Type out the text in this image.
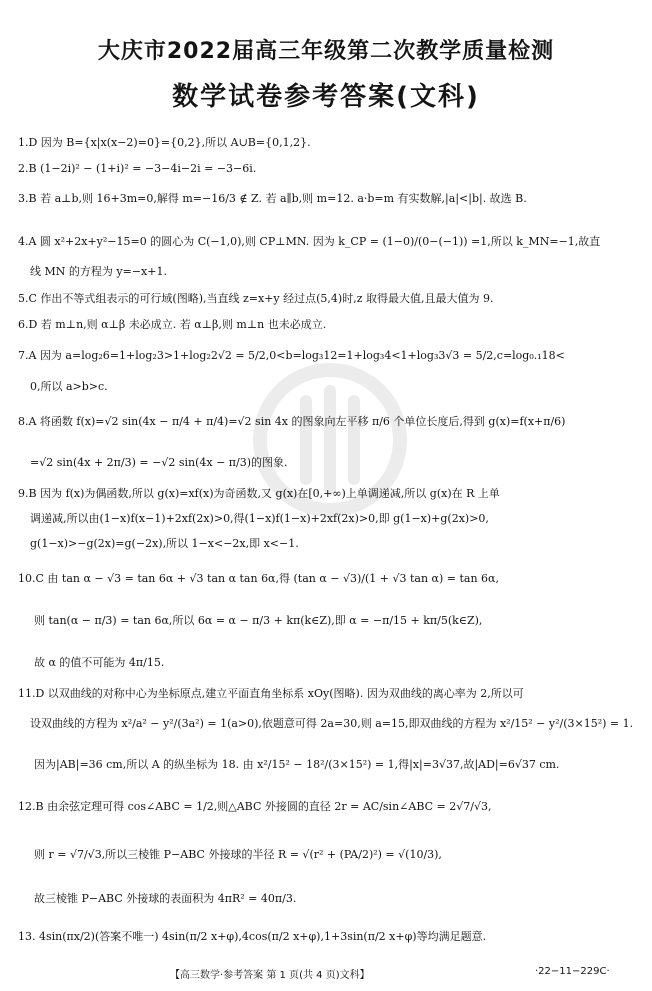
大庆市2022届高三年级第二次教学质量检测
数学试卷参考答案(文科)
1.D 因为 B={x|x(x−2)=0}={0,2},所以 A∪B={0,1,2}.
2.B (1−2i)² − (1+i)² = −3−4i−2i = −3−6i.
3.B 若 a⊥b,则 16+3m=0,解得 m=−16/3 ∉ Z. 若 a∥b,则 m=12. a·b=m 有实数解,|a|<|b|. 故选 B.
4.A 圆 x²+2x+y²−15=0 的圆心为 C(−1,0),则 CP⊥MN. 因为 k_CP = (1−0)/(0−(−1)) =1,所以 k_MN=−1,故直
线 MN 的方程为 y=−x+1.
5.C 作出不等式组表示的可行域(图略),当直线 z=x+y 经过点(5,4)时,z 取得最大值,且最大值为 9.
6.D 若 m⊥n,则 α⊥β 未必成立. 若 α⊥β,则 m⊥n 也未必成立.
7.A 因为 a=log₂6=1+log₂3>1+log₂2√2 = 5/2,0<b=log₃12=1+log₃4<1+log₃3√3 = 5/2,c=log₀.₁18<
0,所以 a>b>c.
8.A 将函数 f(x)=√2 sin(4x − π/4 + π/4)=√2 sin 4x 的图象向左平移 π/6 个单位长度后,得到 g(x)=f(x+π/6)
=√2 sin(4x + 2π/3) = −√2 sin(4x − π/3)的图象.
9.B 因为 f(x)为偶函数,所以 g(x)=xf(x)为奇函数,又 g(x)在[0,+∞)上单调递减,所以 g(x)在 R 上单
调递减,所以由(1−x)f(x−1)+2xf(2x)>0,得(1−x)f(1−x)+2xf(2x)>0,即 g(1−x)+g(2x)>0,
g(1−x)>−g(2x)=g(−2x),所以 1−x<−2x,即 x<−1.
10.C 由 tan α − √3 = tan 6α + √3 tan α tan 6α,得 (tan α − √3)/(1 + √3 tan α) = tan 6α,
则 tan(α − π/3) = tan 6α,所以 6α = α − π/3 + kπ(k∈Z),即 α = −π/15 + kπ/5(k∈Z),
故 α 的值不可能为 4π/15.
11.D 以双曲线的对称中心为坐标原点,建立平面直角坐标系 xOy(图略). 因为双曲线的离心率为 2,所以可
设双曲线的方程为 x²/a² − y²/(3a²) = 1(a>0),依题意可得 2a=30,则 a=15,即双曲线的方程为 x²/15² − y²/(3×15²) = 1.
因为|AB|=36 cm,所以 A 的纵坐标为 18. 由 x²/15² − 18²/(3×15²) = 1,得|x|=3√37,故|AD|=6√37 cm.
12.B 由余弦定理可得 cos∠ABC = 1/2,则△ABC 外接圆的直径 2r = AC/sin∠ABC = 2√7/√3,
则 r = √7/√3,所以三棱锥 P−ABC 外接球的半径 R = √(r² + (PA/2)²) = √(10/3),
故三棱锥 P−ABC 外接球的表面积为 4πR² = 40π/3.
13. 4sin(πx/2)(答案不唯一) 4sin(π/2 x+φ),4cos(π/2 x+φ),1+3sin(π/2 x+φ)等均满足题意.
【高三数学·参考答案 第 1 页(共 4 页)文科】	·22−11−229C·
